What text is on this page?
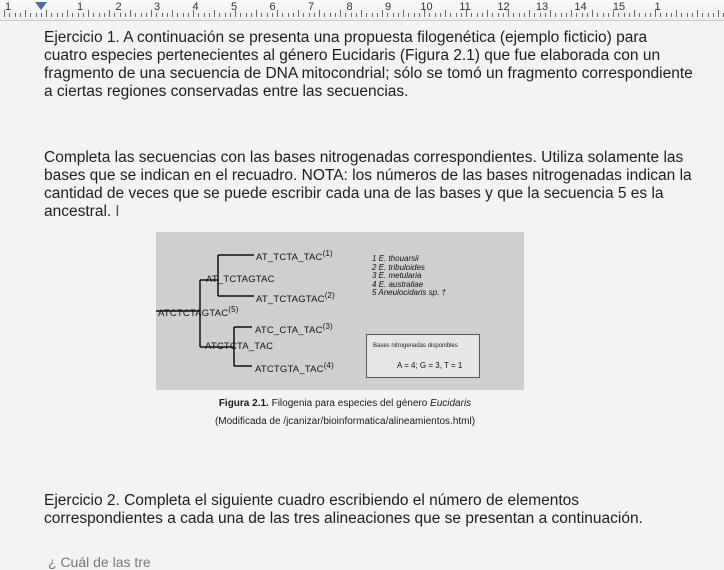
1	1	2	3	4	5	6	7	8	9	10 11 12 13 14 15	1
Ejercicio 1. A continuación se presenta una propuesta filogenética (ejemplo ficticio) para cuatro especies pertenecientes al género Eucidaris (Figura 2.1) que fue elaborada con un fragmento de una secuencia de DNA mitocondrial; sólo se tomó un fragmento correspondiente a ciertas regiones conservadas entre las secuencias.
Completa las secuencias con las bases nitrogenadas correspondientes. Utiliza solamente las bases que se indican en el recuadro. NOTA: los números de las bases nitrogenadas indican la cantidad de veces que se puede escribir cada una de las bases y que la secuencia 5 es la ancestral. I
AT_TCTA_TAC$^{(1)}$
AT_TCTAGTAC
AT_TCTAGTAC$^{(2)}$
ATCTCTAGTAC$^{(5)}$
ATC_CTA_TAC$^{(3)}$
ATCTCTA_TAC
ATCTGTA_TAC$^{(4)}$
1 E. thouarsii
2 E. tribuloides
3 E. metularia
4 E. australiae
5 Aneulocidaris sp. †
Bases nitrogenadas disponibles
A = 4; G = 3, T = 1
Figura 2.1. Filogenia para especies del género Eucidaris
(Modificada de /jcanizar/bioinformatica/alineamientos.html)
Ejercicio 2. Completa el siguiente cuadro escribiendo el número de elementos correspondientes a cada una de las tres alineaciones que se presentan a continuación.
¿ Cuál de las tre
